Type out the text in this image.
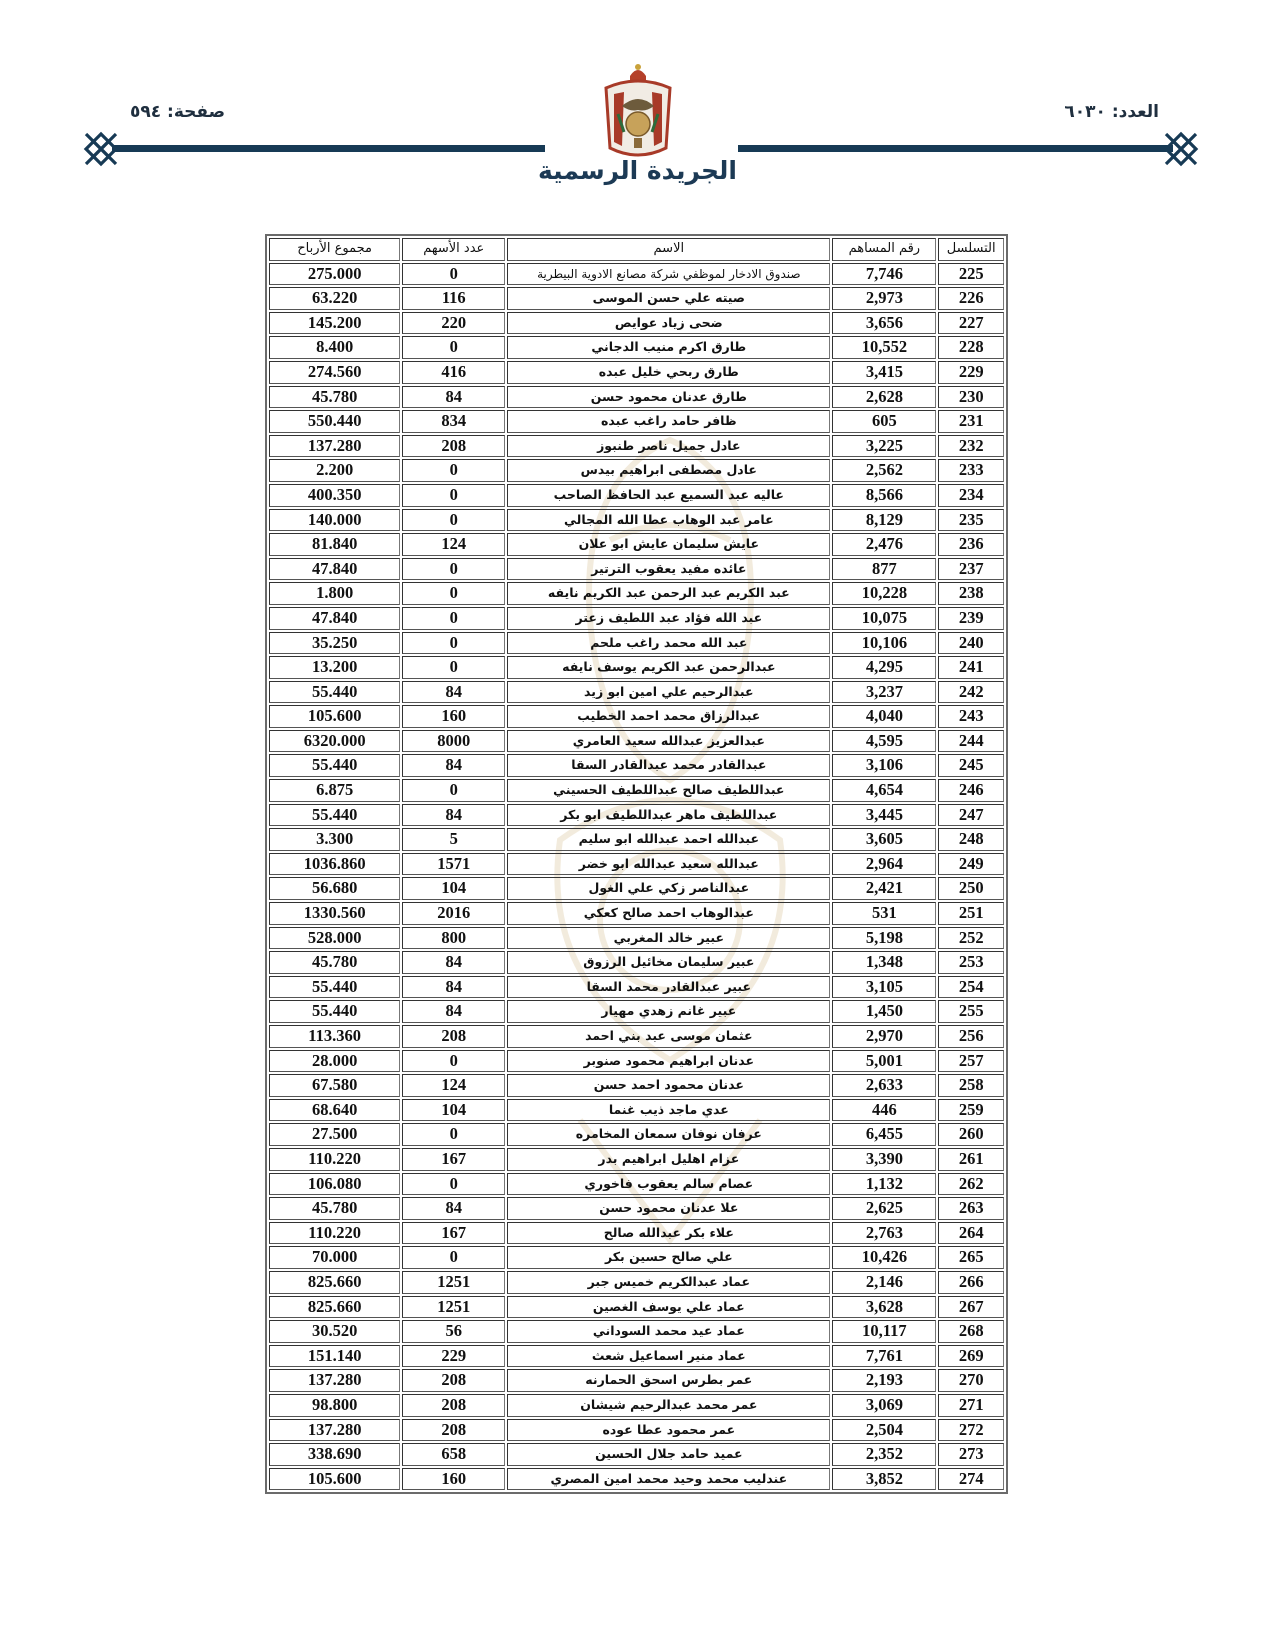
العدد: ٦٠٣٠
صفحة: ٥٩٤
الجريدة الرسمية
التسلسل	رقم المساهم	الاسم	عدد الأسهم	مجموع الأرباح
225	7,746	صندوق الادخار لموظفي شركة مصانع الادوية البيطرية	0	275.000
226	2,973	صيته علي حسن الموسى	116	63.220
227	3,656	ضحى زياد عوايص	220	145.200
228	10,552	طارق اكرم منيب الدجاني	0	8.400
229	3,415	طارق ربحي خليل عبده	416	274.560
230	2,628	طارق عدنان محمود حسن	84	45.780
231	605	ظافر حامد راغب عبده	834	550.440
232	3,225	عادل جميل ناصر طنبوز	208	137.280
233	2,562	عادل مصطفى ابراهيم بيدس	0	2.200
234	8,566	عاليه عبد السميع عبد الحافظ الصاحب	0	400.350
235	8,129	عامر عبد الوهاب عطا الله المجالي	0	140.000
236	2,476	عايش سليمان عايش ابو علان	124	81.840
237	877	عائده مفيد يعقوب الترتير	0	47.840
238	10,228	عبد الكريم عبد الرحمن عبد الكريم نايفه	0	1.800
239	10,075	عبد الله فؤاد عبد اللطيف زعتر	0	47.840
240	10,106	عبد الله محمد راغب ملحم	0	35.250
241	4,295	عبدالرحمن عبد الكريم يوسف نايفه	0	13.200
242	3,237	عبدالرحيم علي امين ابو زيد	84	55.440
243	4,040	عبدالرزاق محمد احمد الخطيب	160	105.600
244	4,595	عبدالعزيز عبدالله سعيد العامري	8000	6320.000
245	3,106	عبدالقادر محمد عبدالقادر السقا	84	55.440
246	4,654	عبداللطيف صالح عبداللطيف الحسيني	0	6.875
247	3,445	عبداللطيف ماهر عبداللطيف ابو بكر	84	55.440
248	3,605	عبدالله احمد عبدالله ابو سليم	5	3.300
249	2,964	عبدالله سعيد عبدالله ابو خضر	1571	1036.860
250	2,421	عبدالناصر زكي علي الغول	104	56.680
251	531	عبدالوهاب احمد صالح كعكي	2016	1330.560
252	5,198	عبير خالد المغربي	800	528.000
253	1,348	عبير سليمان مخائيل الرزوق	84	45.780
254	3,105	عبير عبدالقادر محمد السقا	84	55.440
255	1,450	عبير غانم زهدي مهيار	84	55.440
256	2,970	عثمان موسى عبد بني احمد	208	113.360
257	5,001	عدنان ابراهيم محمود صنوبر	0	28.000
258	2,633	عدنان محمود احمد حسن	124	67.580
259	446	عدي ماجد ذيب غنما	104	68.640
260	6,455	عرفان نوفان سمعان المخامره	0	27.500
261	3,390	عزام اهليل ابراهيم بدر	167	110.220
262	1,132	عصام سالم يعقوب فاخوري	0	106.080
263	2,625	علا عدنان محمود حسن	84	45.780
264	2,763	علاء بكر عبدالله صالح	167	110.220
265	10,426	علي صالح حسين بكر	0	70.000
266	2,146	عماد عبدالكريم خميس جبر	1251	825.660
267	3,628	عماد علي يوسف الغصين	1251	825.660
268	10,117	عماد عيد محمد السوداني	56	30.520
269	7,761	عماد منير اسماعيل شعث	229	151.140
270	2,193	عمر بطرس اسحق الحمارنه	208	137.280
271	3,069	عمر محمد عبدالرحيم شيشان	208	98.800
272	2,504	عمر محمود عطا عوده	208	137.280
273	2,352	عميد حامد جلال الحسين	658	338.690
274	3,852	عندليب محمد وحيد محمد امين المصري	160	105.600
